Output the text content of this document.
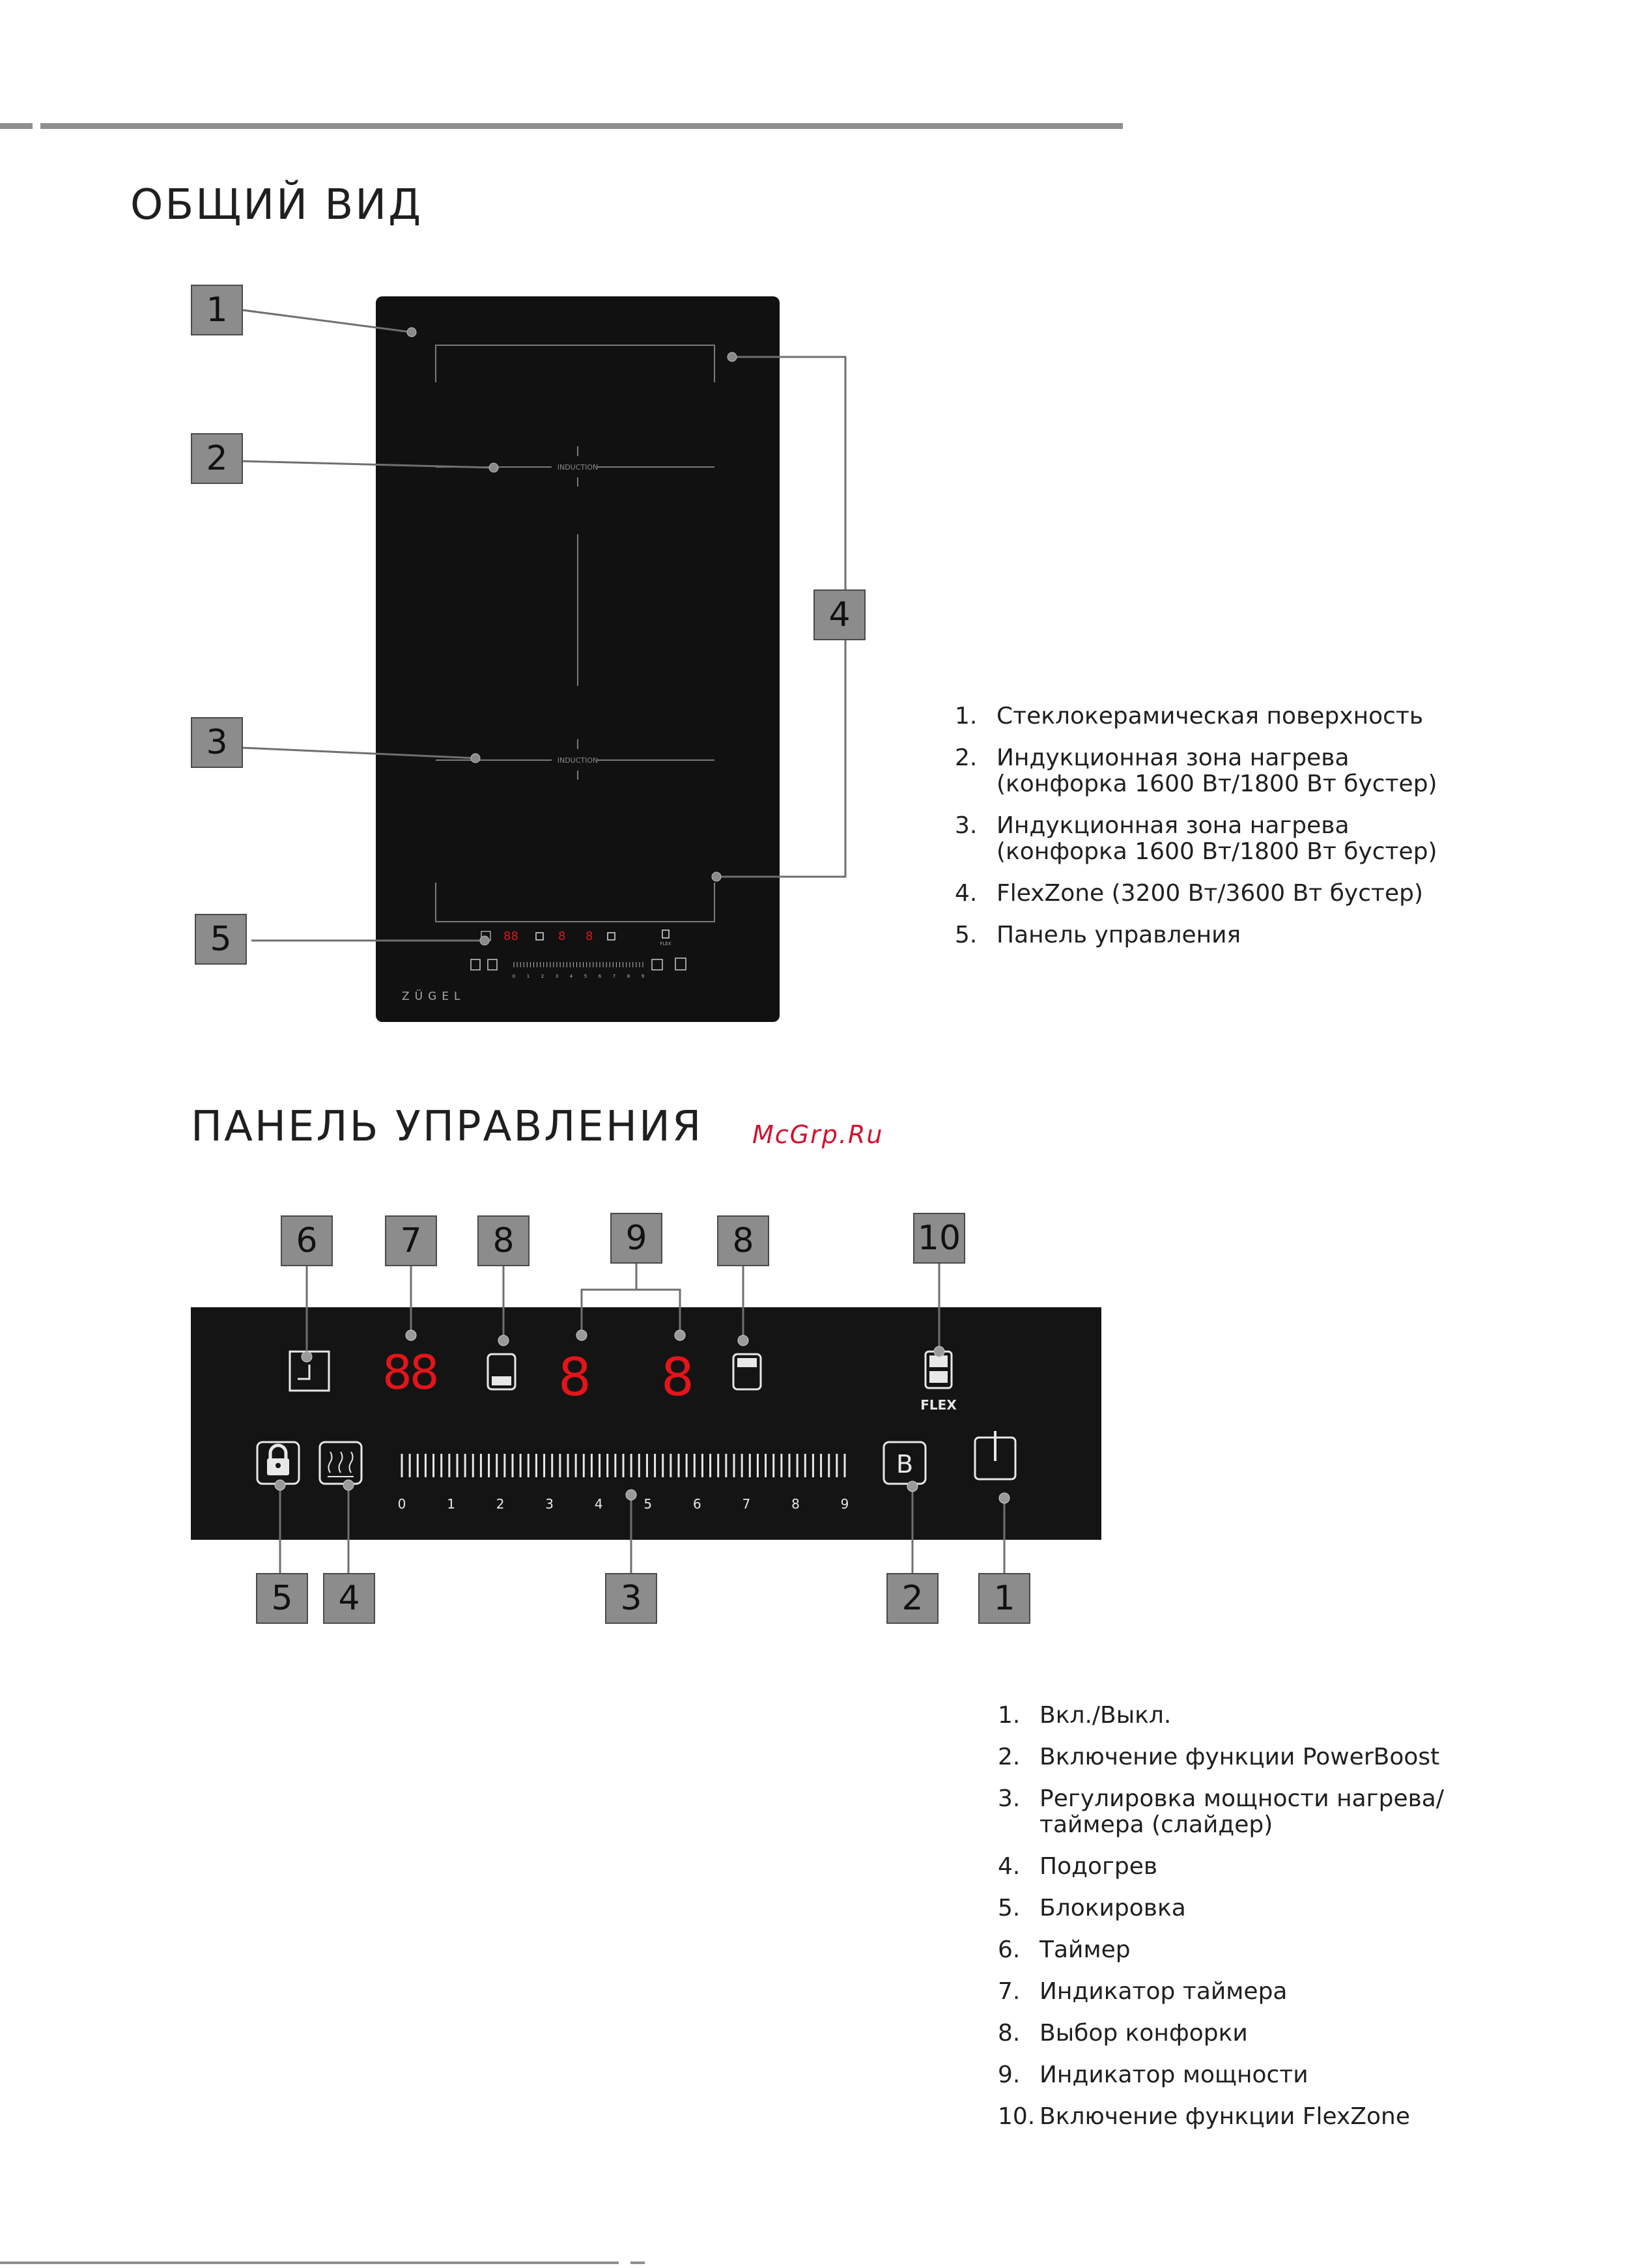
ОБЩИЙ ВИД
INDUCTION
INDUCTION
88	8 8
FLEX
0	1	2	3	4	5	6	7	8	9
ZÜGEL
1
2
3
4
5
1. Стеклокерамическая поверхность
2. Индукционная зона нагрева
(конфорка 1600 Вт/1800 Вт бустер)
3. Индукционная зона нагрева
(конфорка 1600 Вт/1800 Вт бустер)
4. FlexZone (3200 Вт/3600 Вт бустер)
5. Панель управления
ПАНЕЛЬ УПРАВЛЕНИЯ McGrp.Ru
6	7	8	9	8	10
88 8 8	FLEX
0	1	2	3	4	5	6	7	8	9
B
5	4	3	2	1
1. Вкл./Выкл.
2. Включение функции PowerBoost
3. Регулировка мощности нагрева/
таймера (слайдер)
4. Подогрев
5. Блокировка
6. Таймер
7. Индикатор таймера
8. Выбор конфорки
9. Индикатор мощности
10. Включение функции FlexZone
